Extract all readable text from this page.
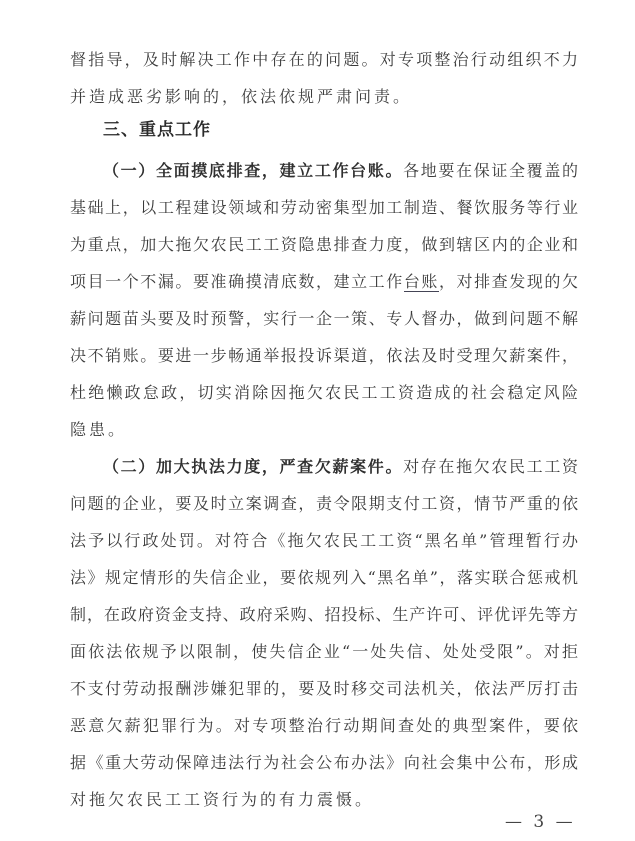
督指导，及时解决工作中存在的问题。对专项整治行动组织不力
并造成恶劣影响的，依法依规严肃问责。
三、重点工作
（一）全面摸底排查，建立工作台账。各地要在保证全覆盖的
基础上，以工程建设领域和劳动密集型加工制造、餐饮服务等行业
为重点，加大拖欠农民工工资隐患排查力度，做到辖区内的企业和
项目一个不漏。要准确摸清底数，建立工作台账，对排查发现的欠
薪问题苗头要及时预警，实行一企一策、专人督办，做到问题不解
决不销账。要进一步畅通举报投诉渠道，依法及时受理欠薪案件，
杜绝懒政怠政，切实消除因拖欠农民工工资造成的社会稳定风险
隐患。
（二）加大执法力度，严查欠薪案件。对存在拖欠农民工工资
问题的企业，要及时立案调查，责令限期支付工资，情节严重的依
法予以行政处罚。对符合《拖欠农民工工资“黑名单”管理暂行办
法》规定情形的失信企业，要依规列入“黑名单”，落实联合惩戒机
制，在政府资金支持、政府采购、招投标、生产许可、评优评先等方
面依法依规予以限制，使失信企业“一处失信、处处受限”。对拒
不支付劳动报酬涉嫌犯罪的，要及时移交司法机关，依法严厉打击
恶意欠薪犯罪行为。对专项整治行动期间查处的典型案件，要依
据《重大劳动保障违法行为社会公布办法》向社会集中公布，形成
对拖欠农民工工资行为的有力震慑。
— 3 —
